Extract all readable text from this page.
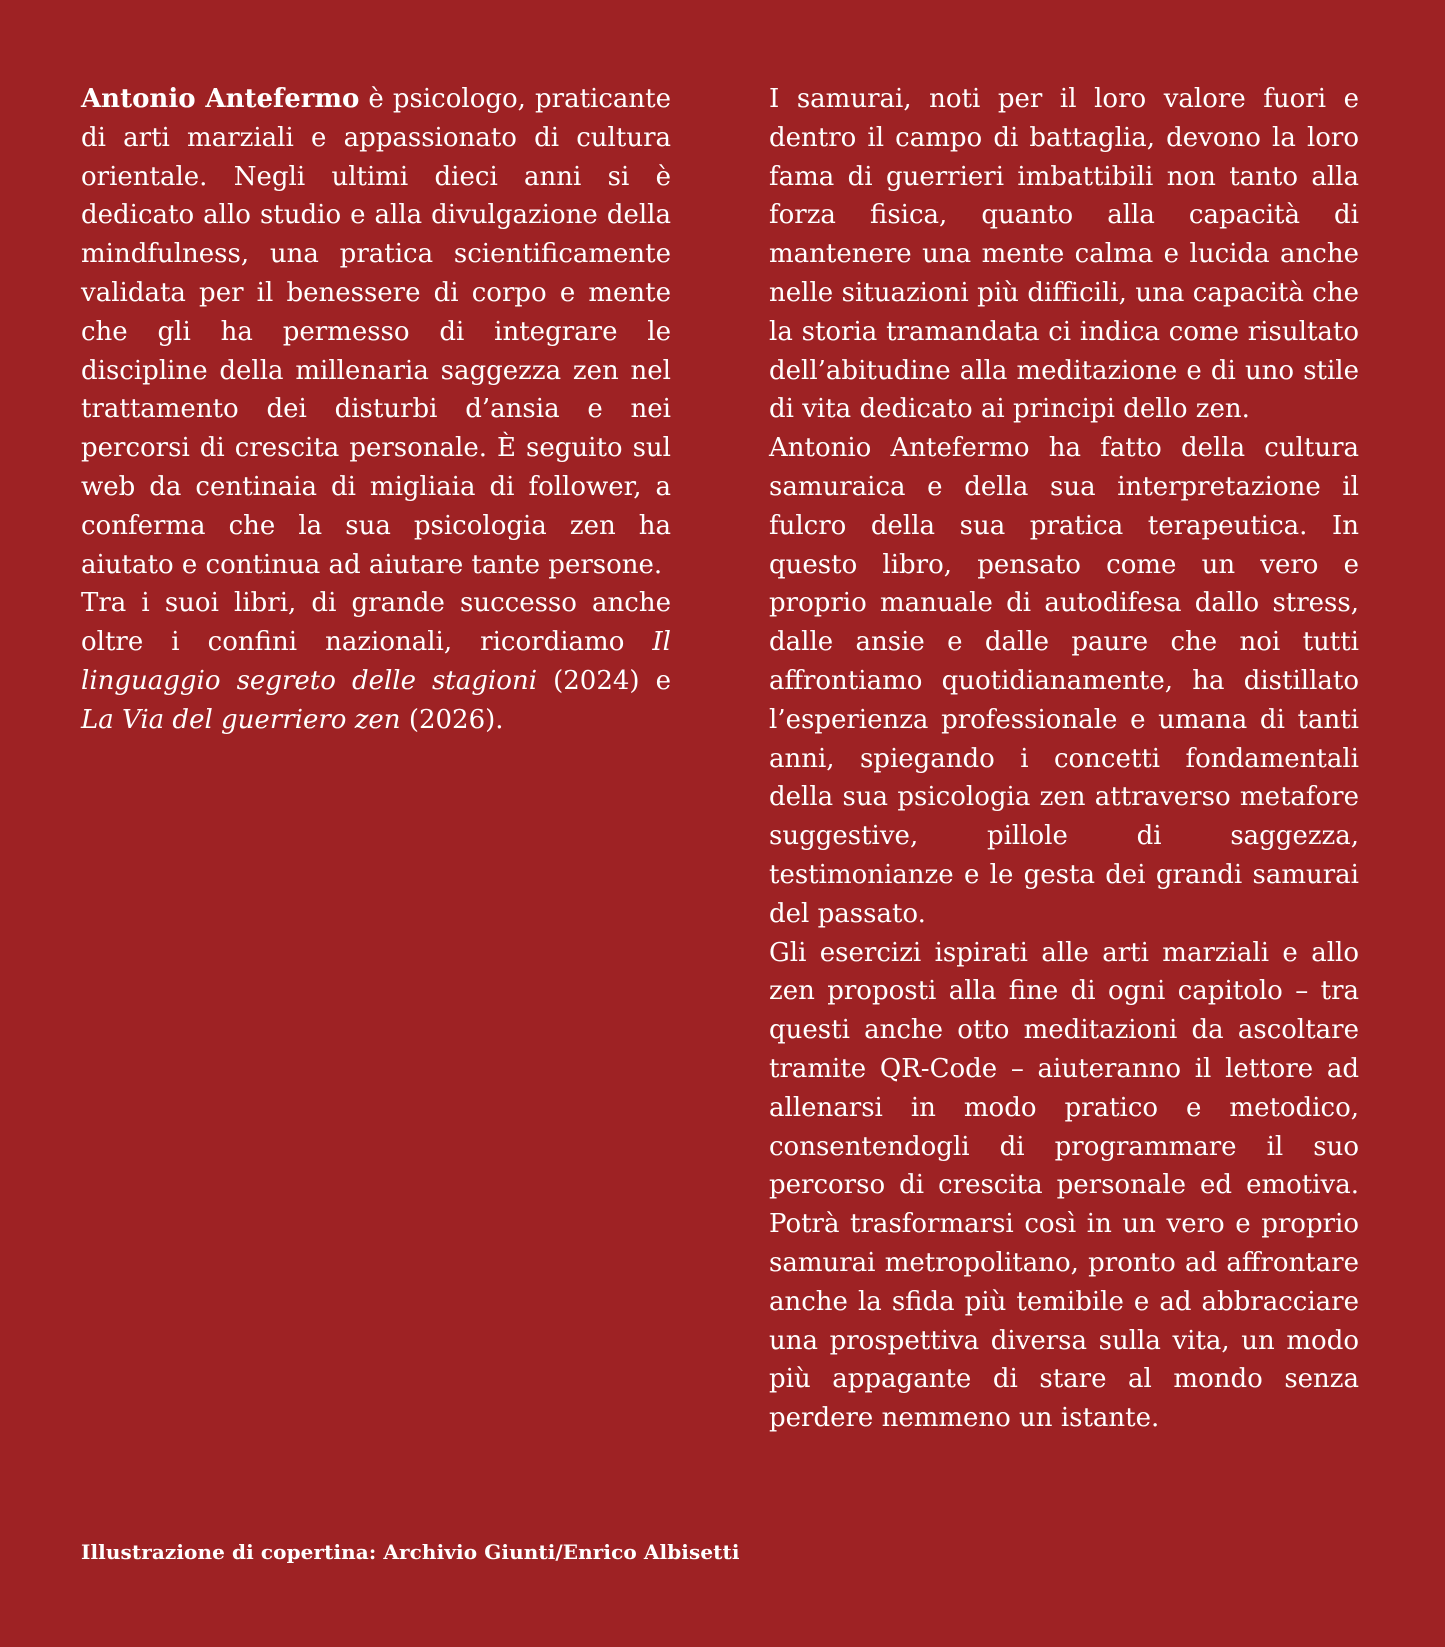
Antonio Antefermo è psicologo, praticante di arti marziali e appassionato di cultura orientale. Negli ultimi dieci anni si è dedicato allo studio e alla divulgazione della mindfulness, una pratica scientificamente validata per il benessere di corpo e mente che gli ha permesso di integrare le discipline della millenaria saggezza zen nel trattamento dei disturbi d’ansia e nei percorsi di crescita personale. È seguito sul web da centinaia di migliaia di follower, a conferma che la sua psicologia zen ha aiutato e continua ad aiutare tante persone.

Tra i suoi libri, di grande successo anche oltre i confini nazionali, ricordiamo Il linguaggio segreto delle stagioni (2024) e La Via del guerriero zen (2026).

I samurai, noti per il loro valore fuori e dentro il campo di battaglia, devono la loro fama di guerrieri imbattibili non tanto alla forza fisica, quanto alla capacità di mantenere una mente calma e lucida anche nelle situazioni più difficili, una capacità che la storia tramandata ci indica come risultato dell’abitudine alla meditazione e di uno stile di vita dedicato ai principi dello zen.

Antonio Antefermo ha fatto della cultura samuraica e della sua interpretazione il fulcro della sua pratica terapeutica. In questo libro, pensato come un vero e proprio manuale di autodifesa dallo stress, dalle ansie e dalle paure che noi tutti affrontiamo quotidianamente, ha distillato l’esperienza professionale e umana di tanti anni, spiegando i concetti fondamentali della sua psicologia zen attraverso metafore suggestive, pillole di saggezza, testimonianze e le gesta dei grandi samurai del passato.

Gli esercizi ispirati alle arti marziali e allo zen proposti alla fine di ogni capitolo – tra questi anche otto meditazioni da ascoltare tramite QR-Code – aiuteranno il lettore ad allenarsi in modo pratico e metodico, consentendogli di programmare il suo percorso di crescita personale ed emotiva. Potrà trasformarsi così in un vero e proprio samurai metropolitano, pronto ad affrontare anche la sfida più temibile e ad abbracciare una prospettiva diversa sulla vita, un modo più appagante di stare al mondo senza perdere nemmeno un istante.

Illustrazione di copertina: Archivio Giunti/Enrico Albisetti
